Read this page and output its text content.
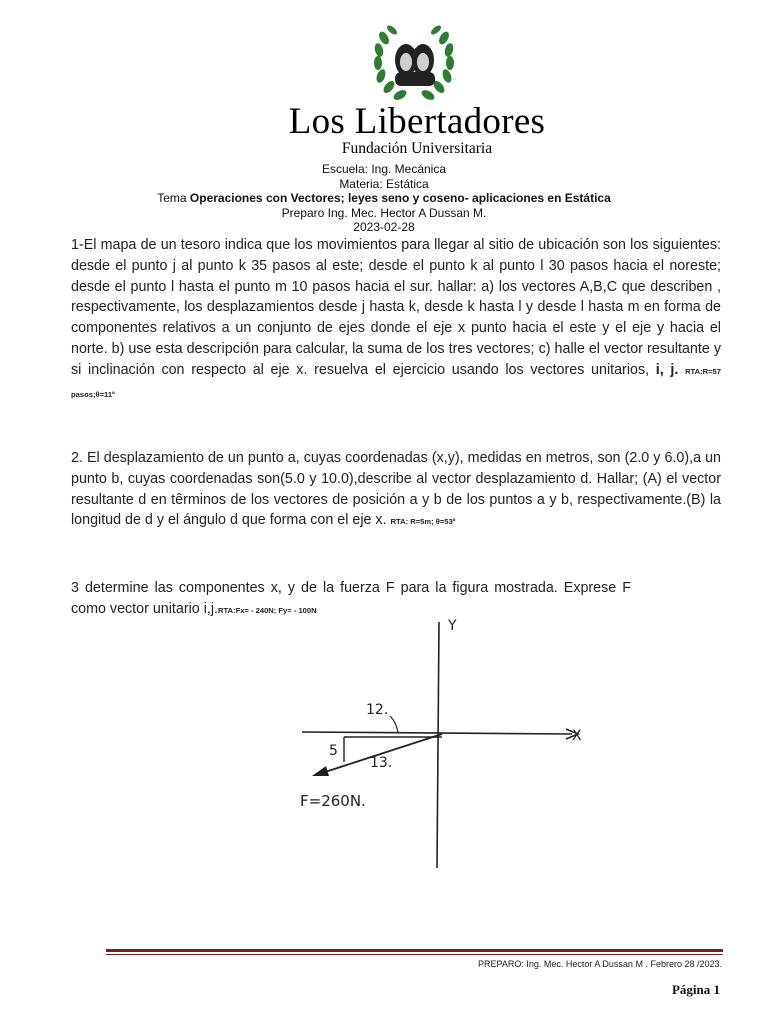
Los Libertadores
Fundación Universitaria
Escuela: Ing. Mecánica
Materia: Estática
Tema Operaciones con Vectores; leyes seno y coseno- aplicaciones en Estática
Preparo Ing. Mec. Hector A Dussan M.
2023-02-28
1-El mapa de un tesoro indica que los movimientos para llegar al sitio de ubicación son los siguientes: desde el punto j al punto k 35 pasos al este; desde el punto k al punto l 30 pasos hacia el noreste; desde el punto l hasta el punto m 10 pasos hacia el sur. hallar: a) los vectores A,B,C que describen , respectivamente, los desplazamientos desde j hasta k, desde k hasta l y desde l hasta m en forma de componentes relativos a un conjunto de ejes donde el eje x punto hacia el este y el eje y hacia el norte. b) use esta descripción para calcular, la suma de los tres vectores; c) halle el vector resultante y si inclinación con respecto al eje x. resuelva el ejercicio usando los vectores unitarios, i, j. RTA:R=57 pasos;θ=11º
2. El desplazamiento de un punto a, cuyas coordenadas (x,y), medidas en metros, son (2.0 y 6.0),a un punto b, cuyas coordenadas son(5.0 y 10.0),describe al vector desplazamiento d. Hallar; (A) el vector resultante d en têrminos de los vectores de posición a y b de los puntos a y b, respectivamente.(B) la longitud de d y el ángulo d que forma con el eje x. RTA: R=5m; θ=53º
3 determine las componentes x, y de la fuerza F para la figura mostrada. Exprese F como vector unitario i,j.RTA:Fx= - 240N; Fy= - 100N
Y
X
12.
5
13.
F=260N.
PREPARO: Ing. Mec. Hector A Dussan M . Febrero 28 /2023.
Página 1
